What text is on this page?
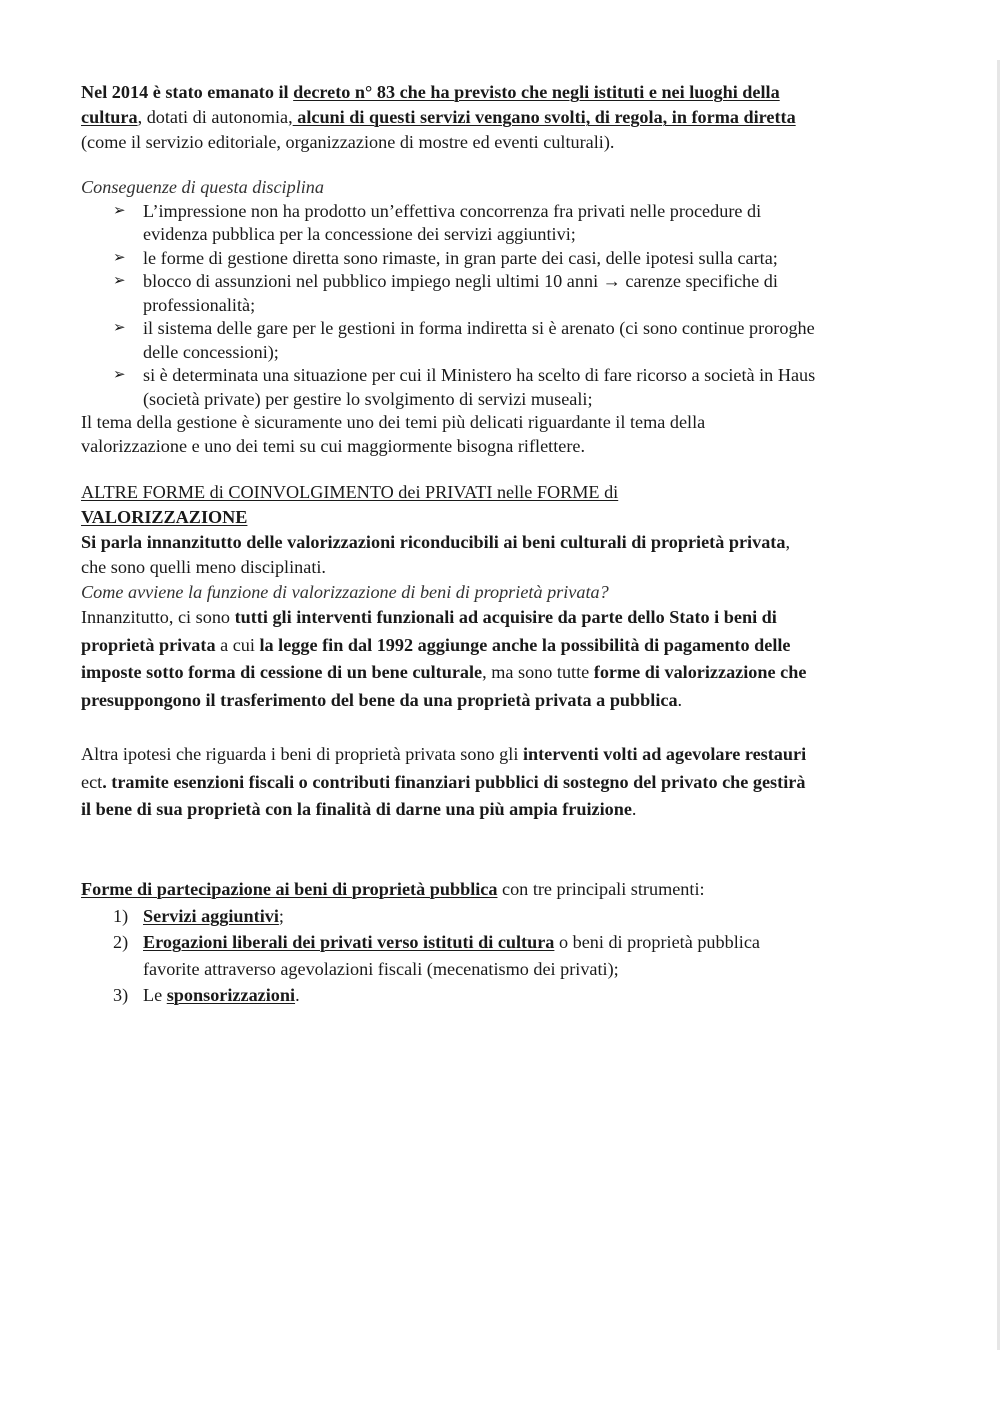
Nel 2014 è stato emanato il decreto n° 83 che ha previsto che negli istituti e nei luoghi della
cultura, dotati di autonomia, alcuni di questi servizi vengano svolti, di regola, in forma diretta
(come il servizio editoriale, organizzazione di mostre ed eventi culturali).
Conseguenze di questa disciplina
➢ L’impressione non ha prodotto un’effettiva concorrenza fra privati nelle procedure di
evidenza pubblica per la concessione dei servizi aggiuntivi;
➢ le forme di gestione diretta sono rimaste, in gran parte dei casi, delle ipotesi sulla carta;
➢ blocco di assunzioni nel pubblico impiego negli ultimi 10 anni → carenze specifiche di
professionalità;
➢ il sistema delle gare per le gestioni in forma indiretta si è arenato (ci sono continue proroghe
delle concessioni);
➢ si è determinata una situazione per cui il Ministero ha scelto di fare ricorso a società in Haus
(società private) per gestire lo svolgimento di servizi museali;
Il tema della gestione è sicuramente uno dei temi più delicati riguardante il tema della
valorizzazione e uno dei temi su cui maggiormente bisogna riflettere.
ALTRE FORME di COINVOLGIMENTO dei PRIVATI nelle FORME di
VALORIZZAZIONE
Si parla innanzitutto delle valorizzazioni riconducibili ai beni culturali di proprietà privata,
che sono quelli meno disciplinati.
Come avviene la funzione di valorizzazione di beni di proprietà privata?
Innanzitutto, ci sono tutti gli interventi funzionali ad acquisire da parte dello Stato i beni di
proprietà privata a cui la legge fin dal 1992 aggiunge anche la possibilità di pagamento delle
imposte sotto forma di cessione di un bene culturale, ma sono tutte forme di valorizzazione che
presuppongono il trasferimento del bene da una proprietà privata a pubblica.
Altra ipotesi che riguarda i beni di proprietà privata sono gli interventi volti ad agevolare restauri
ect. tramite esenzioni fiscali o contributi finanziari pubblici di sostegno del privato che gestirà
il bene di sua proprietà con la finalità di darne una più ampia fruizione.
Forme di partecipazione ai beni di proprietà pubblica con tre principali strumenti:
1) Servizi aggiuntivi;
2) Erogazioni liberali dei privati verso istituti di cultura o beni di proprietà pubblica
favorite attraverso agevolazioni fiscali (mecenatismo dei privati);
3) Le sponsorizzazioni.
